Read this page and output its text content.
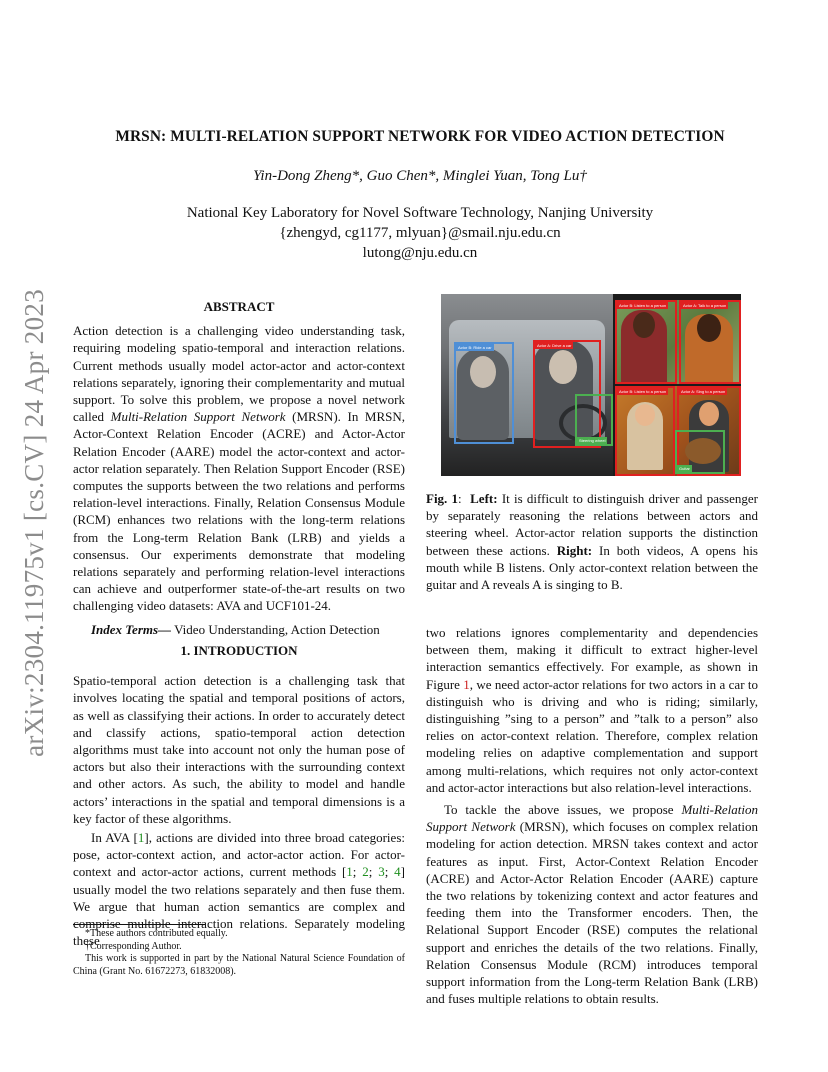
arXiv:2304.11975v1 [cs.CV] 24 Apr 2023
MRSN: MULTI-RELATION SUPPORT NETWORK FOR VIDEO ACTION DETECTION
Yin-Dong Zheng*, Guo Chen*, Minglei Yuan, Tong Lu†
National Key Laboratory for Novel Software Technology, Nanjing University
{zhengyd, cg1177, mlyuan}@smail.nju.edu.cn
lutong@nju.edu.cn
ABSTRACT

Action detection is a challenging video understanding task, requiring modeling spatio-temporal and interaction relations. Current methods usually model actor-actor and actor-context relations separately, ignoring their complementarity and mutual support. To solve this problem, we propose a novel network called Multi-Relation Support Network (MRSN). In MRSN, Actor-Context Relation Encoder (ACRE) and Actor-Actor Relation Encoder (AARE) model the actor-context and actor-actor relation separately. Then Relation Support Encoder (RSE) computes the supports between the two relations and performs relation-level interactions. Finally, Relation Consensus Module (RCM) enhances two relations with the long-term relations from the Long-term Relation Bank (LRB) and yields a consensus. Our experiments demonstrate that modeling relations separately and performing relation-level interactions can achieve and outperformer state-of-the-art results on two challenging video datasets: AVA and UCF101-24.

Index Terms— Video Understanding, Action Detection

1. INTRODUCTION

Spatio-temporal action detection is a challenging task that involves locating the spatial and temporal positions of actors, as well as classifying their actions. In order to accurately detect and classify actions, spatio-temporal action detection algorithms must take into account not only the human pose of actors but also their interactions with the surrounding context and other actors. As such, the ability to model and handle actors’ interactions in the spatial and temporal dimensions is a key factor of these algorithms.

In AVA [1], actions are divided into three broad categories: pose, actor-context action, and actor-actor action. For actor-context and actor-actor actions, current methods [1; 2; 3; 4] usually model the two relations separately and then fuse them. We argue that human action semantics are complex and comprise multiple interaction relations. Separately modeling these

*These authors contributed equally.
†Corresponding Author.
This work is supported in part by the National Natural Science Foundation of China (Grant No. 61672273, 61832008).
Actor B: Ride a car	Actor A: Drive a car
Steering wheel
Actor B: Listen to a person	Actor A: Talk to a person
Actor B: Listen to a person	Actor A: Sing to a person
Guitar
Fig. 1:  Left: It is difficult to distinguish driver and passenger by separately reasoning the relations between actors and steering wheel. Actor-actor relation supports the distinction between these actions. Right: In both videos, A opens his mouth while B listens. Only actor-context relation between the guitar and A reveals A is singing to B.

two relations ignores complementarity and dependencies between them, making it difficult to extract higher-level interaction semantics effectively. For example, as shown in Figure 1, we need actor-actor relations for two actors in a car to distinguish who is driving and who is riding; similarly, distinguishing ”sing to a person” and ”talk to a person” also relies on actor-context relation. Therefore, complex relation modeling relies on adaptive complementation and support among multi-relations, which requires not only actor-context and actor-actor interactions but also relation-level interactions.

To tackle the above issues, we propose Multi-Relation Support Network (MRSN), which focuses on complex relation modeling for action detection. MRSN takes context and actor features as input. First, Actor-Context Relation Encoder (ACRE) and Actor-Actor Relation Encoder (AARE) capture the two relations by tokenizing context and actor features and feeding them into the Transformer encoders. Then, the Relational Support Encoder (RSE) computes the relational support and enriches the details of the two relations. Finally, Relation Consensus Module (RCM) introduces temporal support information from the Long-term Relation Bank (LRB) and fuses multiple relations to obtain results.
